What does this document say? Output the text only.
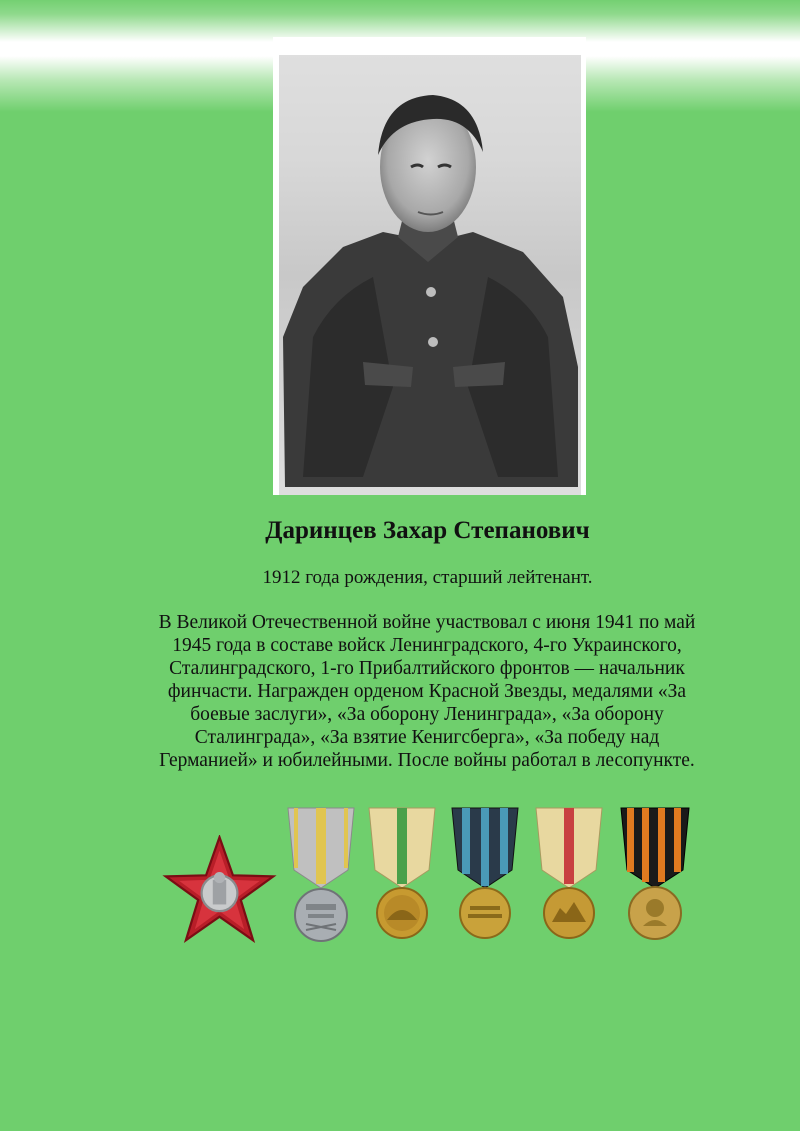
Даринцев Захар Степанович
1912 года рождения, старший лейтенант.
В Великой Отечественной войне участвовал с июня 1941 по май
1945 года в составе войск Ленинградского, 4-го Украинского,
Сталинградского, 1-го Прибалтийского фронтов — начальник
финчасти. Награжден орденом Красной Звезды, медалями «За
боевые заслуги», «За оборону Ленинграда», «За оборону
Сталинграда», «За взятие Кенигсберга», «За победу над
Германией» и юбилейными. После войны работал в лесопункте.
